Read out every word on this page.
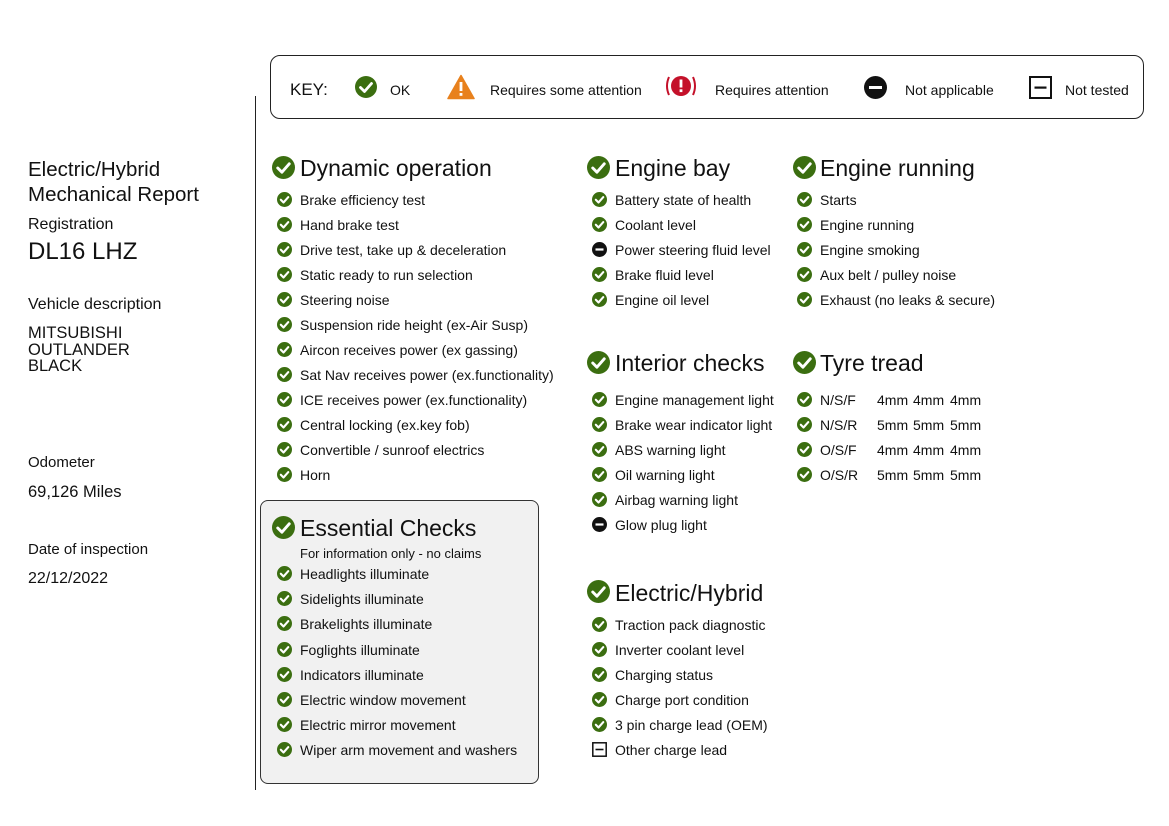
KEY:	OK	Requires some attention	Requires attention	Not applicable	Not tested
Electric/Hybrid
Mechanical Report
Registration
DL16 LHZ
Vehicle description
MITSUBISHI
OUTLANDER
BLACK
Odometer
69,126 Miles
Date of inspection
22/12/2022
Dynamic operation
Essential Checks
For information only - no claims
Engine bay
Interior checks
Electric/Hybrid
Engine running
Tyre tread
Brake efficiency test
Hand brake test
Drive test, take up & deceleration
Static ready to run selection
Steering noise
Suspension ride height (ex-Air Susp)
Aircon receives power (ex gassing)
Sat Nav receives power (ex.functionality)
ICE receives power (ex.functionality)
Central locking (ex.key fob)
Convertible / sunroof electrics
Horn
Headlights illuminate
Sidelights illuminate
Brakelights illuminate
Foglights illuminate
Indicators illuminate
Electric window movement
Electric mirror movement
Wiper arm movement and washers
Battery state of health
Coolant level
Power steering fluid level
Brake fluid level
Engine oil level
Engine management light
Brake wear indicator light
ABS warning light
Oil warning light
Airbag warning light
Glow plug light
Traction pack diagnostic
Inverter coolant level
Charging status
Charge port condition
3 pin charge lead (OEM)
Other charge lead
Starts
Engine running
Engine smoking
Aux belt / pulley noise
Exhaust (no leaks & secure)
N/S/F 4mm 4mm 4mm
N/S/R 5mm 5mm 5mm
O/S/F 4mm 4mm 4mm
O/S/R 5mm 5mm 5mm
